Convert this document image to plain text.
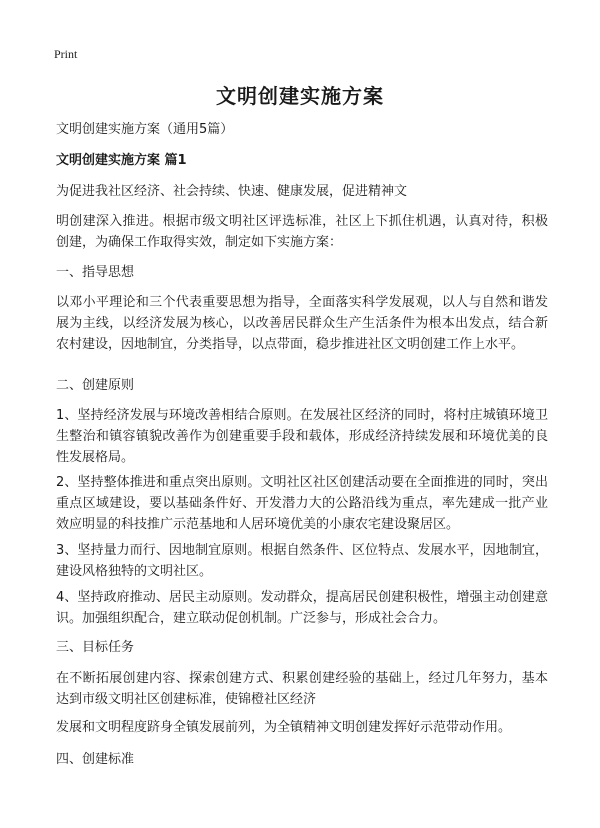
Print
文明创建实施方案
文明创建实施方案（通用5篇）
文明创建实施方案 篇1
为促进我社区经济、社会持续、快速、健康发展，促进精神文
明创建深入推进。根据市级文明社区评选标准，社区上下抓住机遇，认真对待，积极创建，为确保工作取得实效，制定如下实施方案：
一、指导思想
以邓小平理论和三个代表重要思想为指导，全面落实科学发展观，以人与自然和谐发展为主线，以经济发展为核心，以改善居民群众生产生活条件为根本出发点，结合新农村建设，因地制宜，分类指导，以点带面，稳步推进社区文明创建工作上水平。
二、创建原则
1、坚持经济发展与环境改善相结合原则。在发展社区经济的同时，将村庄城镇环境卫生整治和镇容镇貌改善作为创建重要手段和载体，形成经济持续发展和环境优美的良性发展格局。
2、坚持整体推进和重点突出原则。文明社区社区创建活动要在全面推进的同时，突出重点区域建设，要以基础条件好、开发潜力大的公路沿线为重点，率先建成一批产业效应明显的科技推广示范基地和人居环境优美的小康农宅建设聚居区。
3、坚持量力而行、因地制宜原则。根据自然条件、区位特点、发展水平，因地制宜，建设风格独特的文明社区。
4、坚持政府推动、居民主动原则。发动群众，提高居民创建积极性，增强主动创建意识。加强组织配合，建立联动促创机制。广泛参与，形成社会合力。
三、目标任务
在不断拓展创建内容、探索创建方式、积累创建经验的基础上，经过几年努力，基本达到市级文明社区创建标准，使锦橙社区经济
发展和文明程度跻身全镇发展前列，为全镇精神文明创建发挥好示范带动作用。
四、创建标准
